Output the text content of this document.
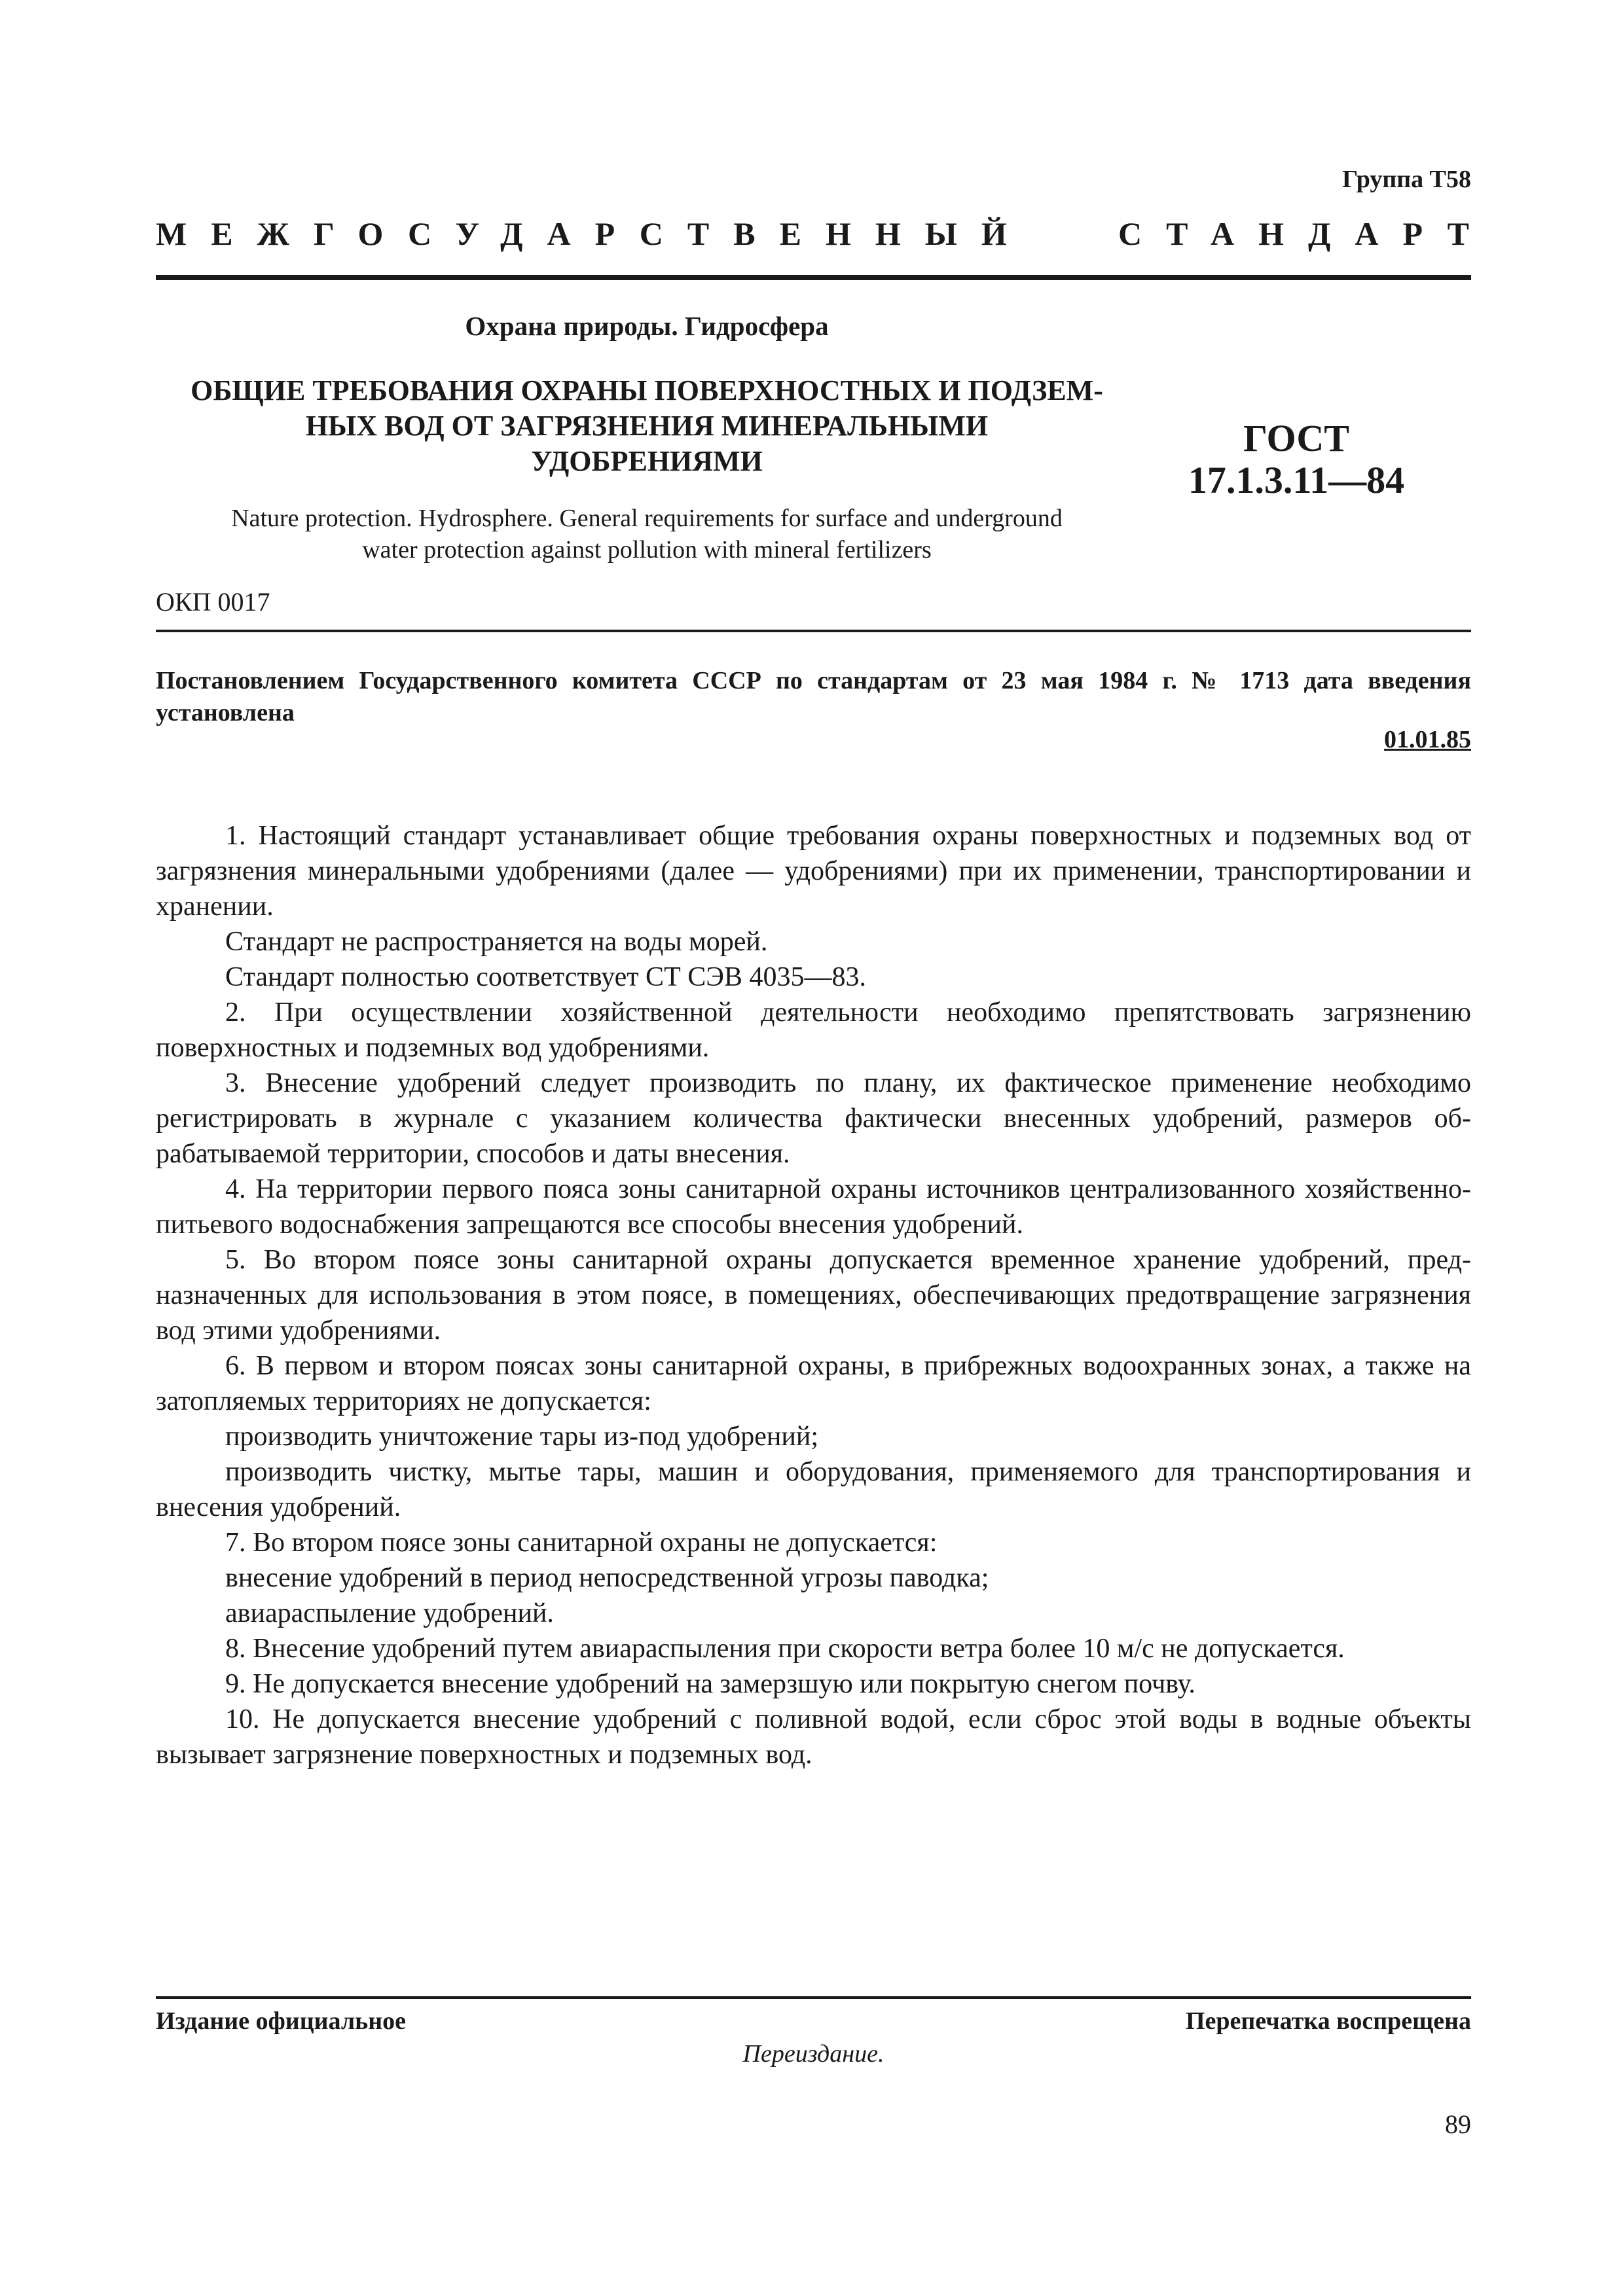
Группа Т58
МЕЖГОСУДАРСТВЕННЫЙ	СТАНДАРТ
Охрана природы. Гидросфера
ОБЩИЕ ТРЕБОВАНИЯ ОХРАНЫ ПОВЕРХНОСТНЫХ И ПОДЗЕМ-
НЫХ ВОД ОТ ЗАГРЯЗНЕНИЯ МИНЕРАЛЬНЫМИ
УДОБРЕНИЯМИ
ГОСТ
17.1.3.11—84
Nature protection. Hydrosphere. General requirements for surface and underground
water protection against pollution with mineral fertilizers
ОКП 0017
Постановлением Государственного комитета СССР по стандартам от 23 мая 1984 г. № 1713 дата введения установлена
01.01.85

1. Настоящий стандарт устанавливает общие требования охраны поверхностных и подземных вод от загрязнения минеральными удобрениями (далее — удобрениями) при их применении, транспортировании и хранении.

Стандарт не распространяется на воды морей.

Стандарт полностью соответствует СТ СЭВ 4035—83.

2. При осуществлении хозяйственной деятельности необходимо препятствовать загрязнению поверхностных и подземных вод удобрениями.

3. Внесение удобрений следует производить по плану, их фактическое применение необходимо регистрировать в журнале с указанием количества фактически внесенных удобрений, размеров обрабатываемой территории, способов и даты внесения.

4. На территории первого пояса зоны санитарной охраны источников централизованного хозяйственно-питьевого водоснабжения запрещаются все способы внесения удобрений.

5. Во втором поясе зоны санитарной охраны допускается временное хранение удобрений, предназначенных для использования в этом поясе, в помещениях, обеспечивающих предотвращение загрязнения вод этими удобрениями.

6. В первом и втором поясах зоны санитарной охраны, в прибрежных водоохранных зонах, а также на затопляемых территориях не допускается:

производить уничтожение тары из-под удобрений;

производить чистку, мытье тары, машин и оборудования, применяемого для транспортирования и внесения удобрений.

7. Во втором поясе зоны санитарной охраны не допускается:

внесение удобрений в период непосредственной угрозы паводка;

авиараспыление удобрений.

8. Внесение удобрений путем авиараспыления при скорости ветра более 10 м/с не допускается.

9. Не допускается внесение удобрений на замерзшую или покрытую снегом почву.

10. Не допускается внесение удобрений с поливной водой, если сброс этой воды в водные объекты вызывает загрязнение поверхностных и подземных вод.

Издание официальное	Перепечатка воспрещена
Переиздание.
89
